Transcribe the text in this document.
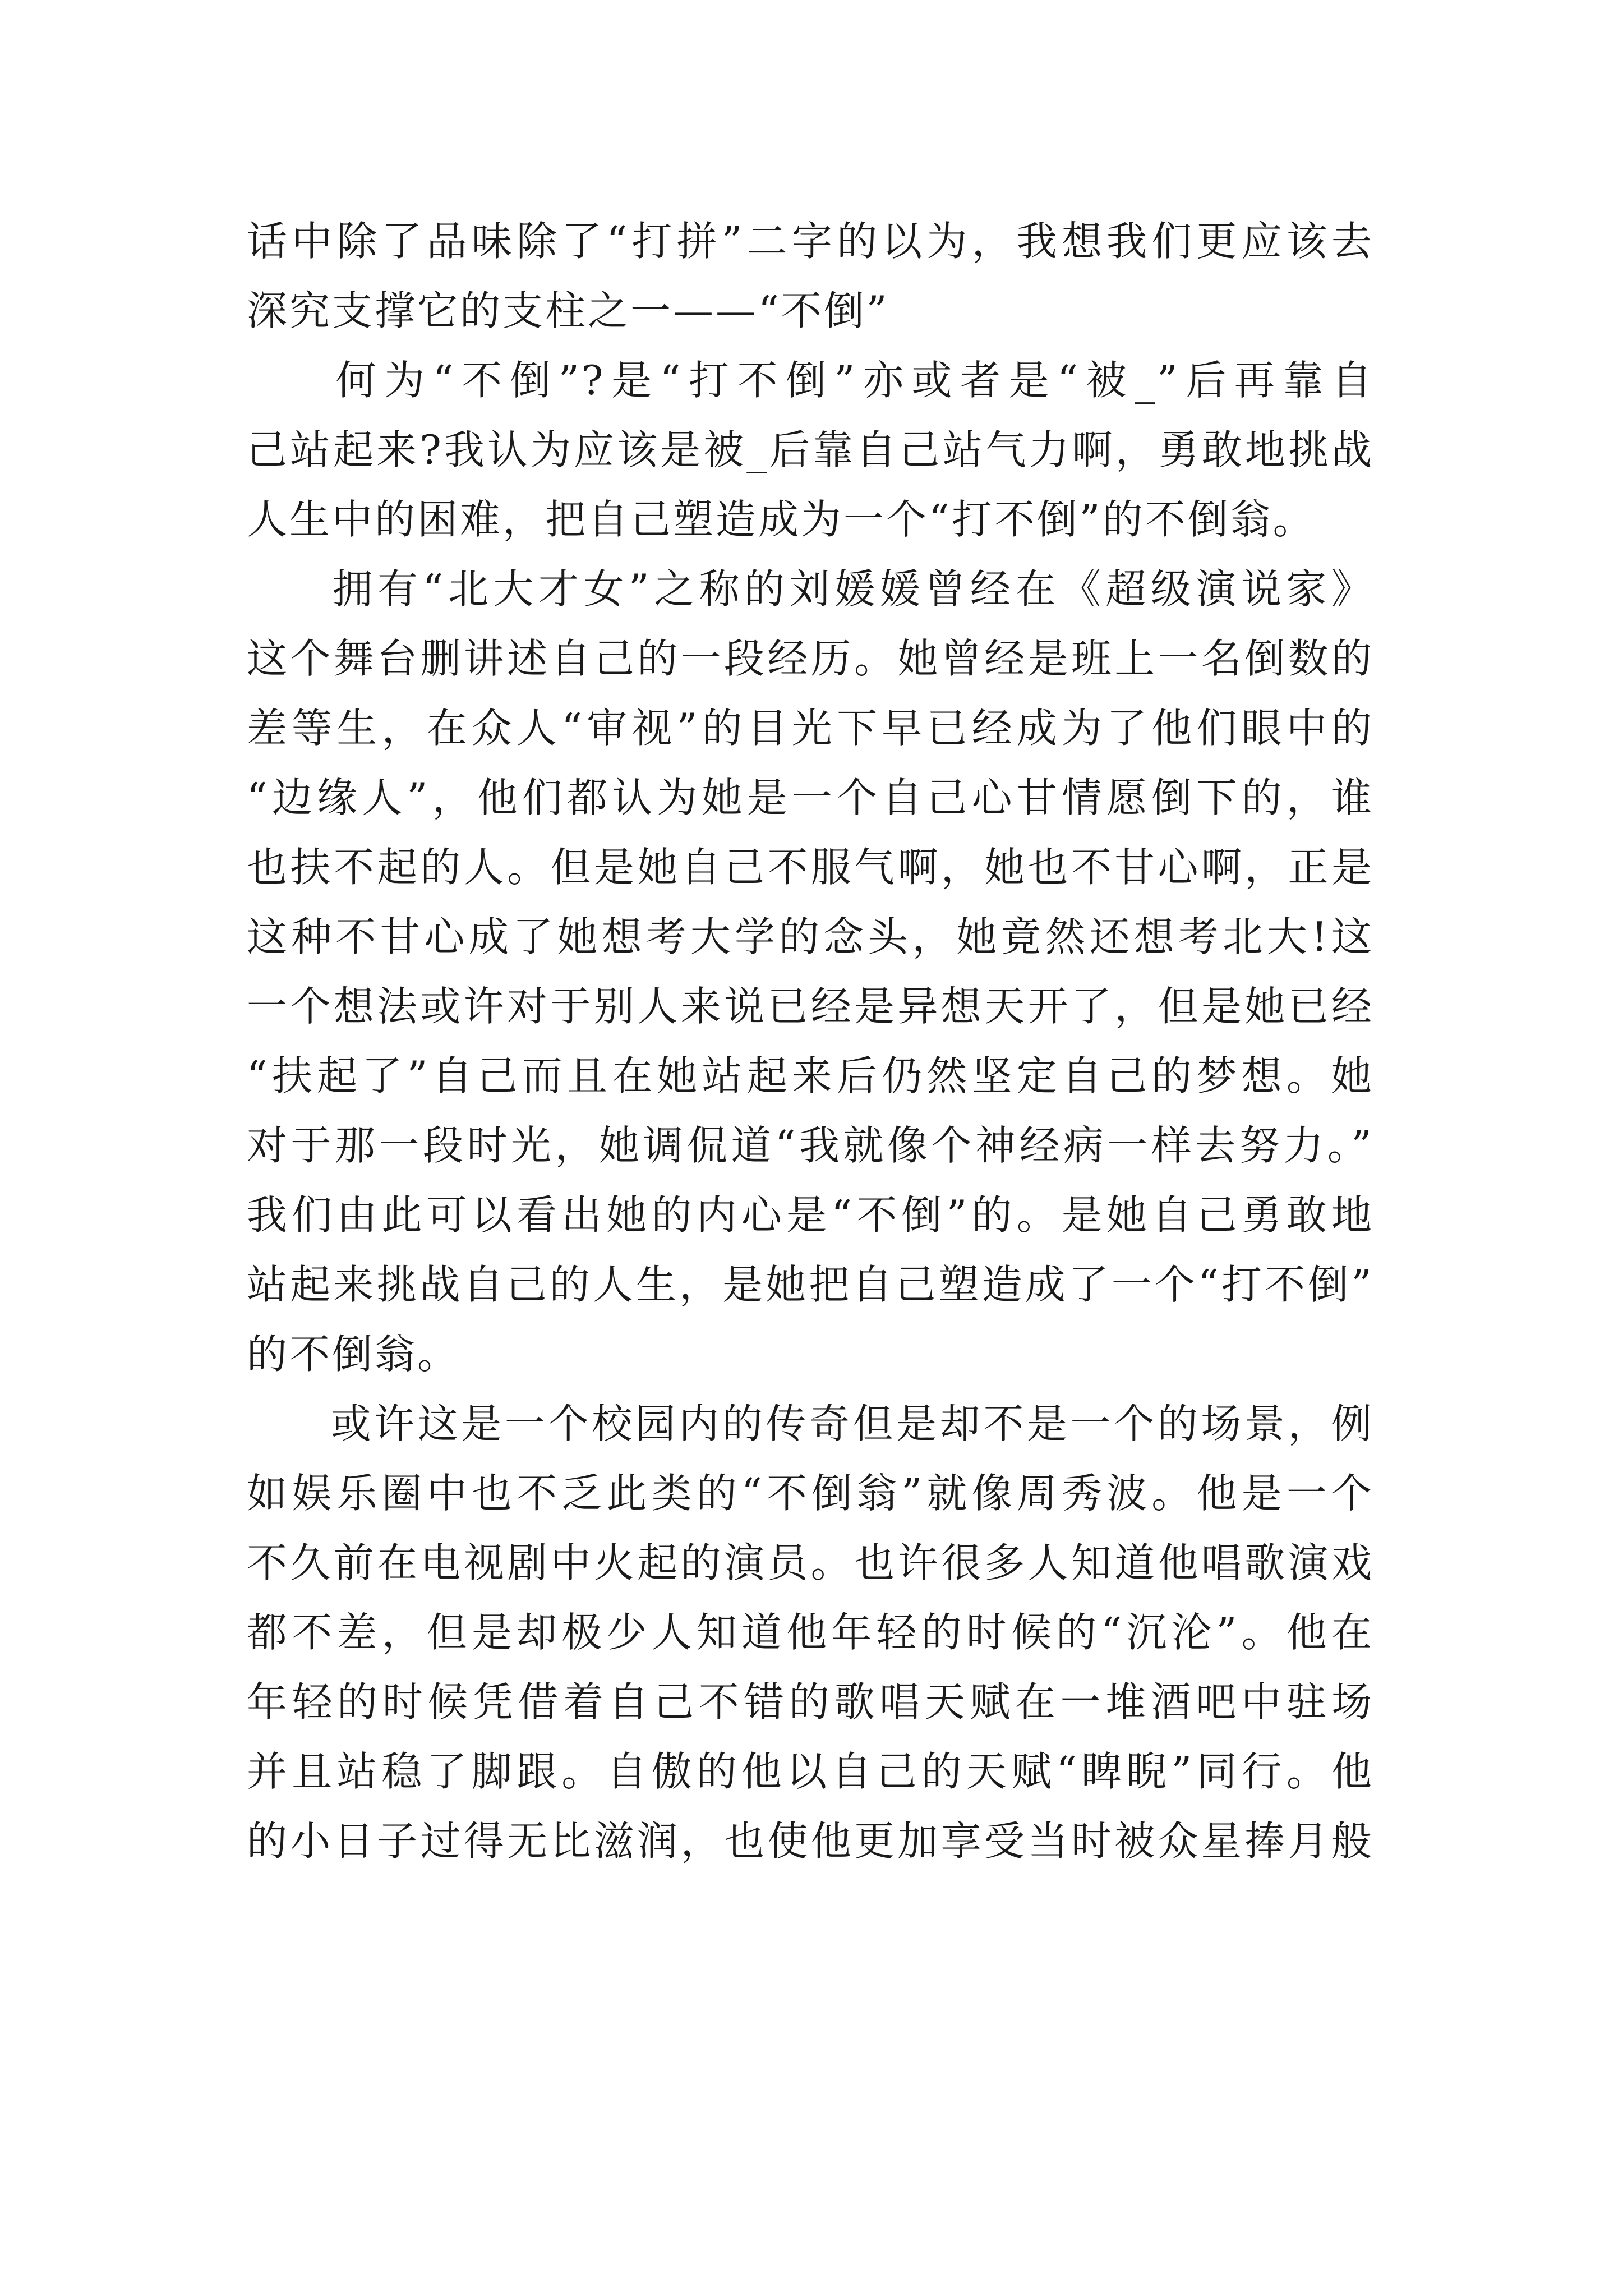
话中除了品味除了“打拼”二字的以为，我想我们更应该去
深究支撑它的支柱之一——“不倒”

何为“不倒”?是“打不倒”亦或者是“被_”后再靠自
己站起来?我认为应该是被_后靠自己站气力啊，勇敢地挑战
人生中的困难，把自己塑造成为一个“打不倒”的不倒翁。

拥有“北大才女”之称的刘媛媛曾经在《超级演说家》
这个舞台删讲述自己的一段经历。她曾经是班上一名倒数的
差等生，在众人“审视”的目光下早已经成为了他们眼中的
“边缘人”，他们都认为她是一个自己心甘情愿倒下的，谁
也扶不起的人。但是她自己不服气啊，她也不甘心啊，正是
这种不甘心成了她想考大学的念头，她竟然还想考北大!这
一个想法或许对于别人来说已经是异想天开了，但是她已经
“扶起了”自己而且在她站起来后仍然坚定自己的梦想。她
对于那一段时光，她调侃道“我就像个神经病一样去努力。”
我们由此可以看出她的内心是“不倒”的。是她自己勇敢地
站起来挑战自己的人生，是她把自己塑造成了一个“打不倒”
的不倒翁。

或许这是一个校园内的传奇但是却不是一个的场景，例
如娱乐圈中也不乏此类的“不倒翁”就像周秀波。他是一个
不久前在电视剧中火起的演员。也许很多人知道他唱歌演戏
都不差，但是却极少人知道他年轻的时候的“沉沦”。他在
年轻的时候凭借着自己不错的歌唱天赋在一堆酒吧中驻场
并且站稳了脚跟。自傲的他以自己的天赋“睥睨”同行。他
的小日子过得无比滋润，也使他更加享受当时被众星捧月般
